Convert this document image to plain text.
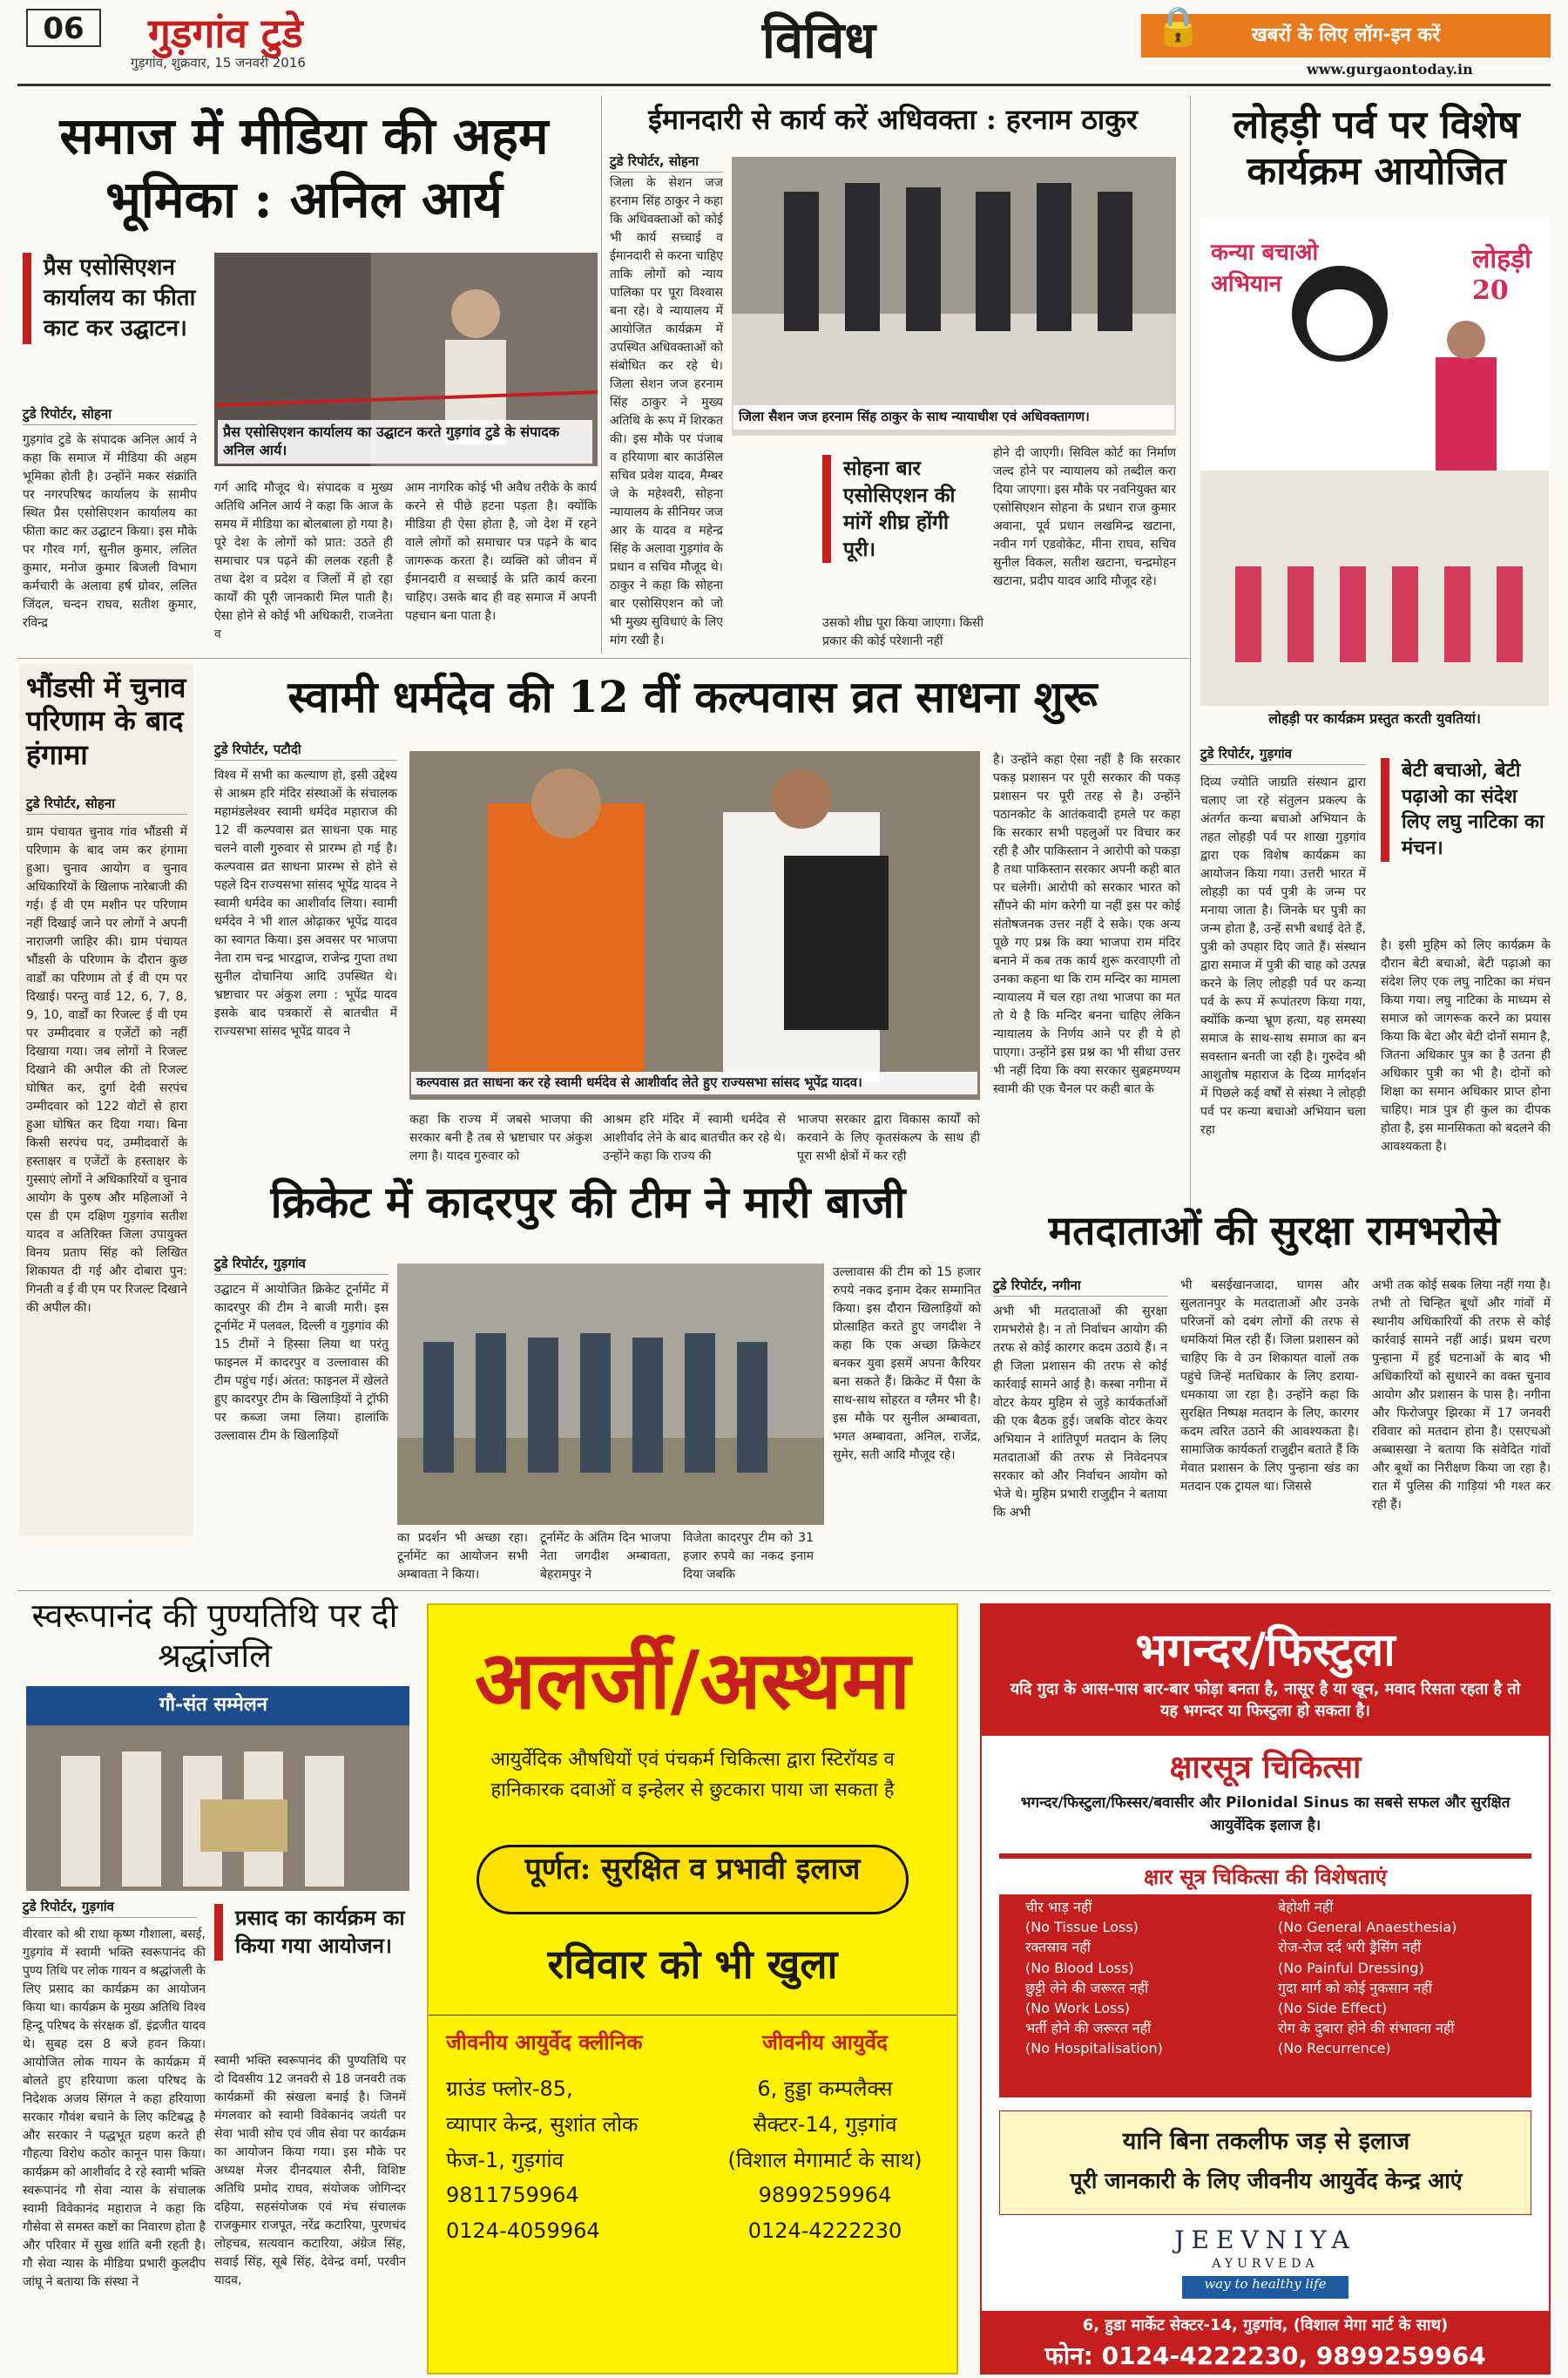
06	गुड़गांव टुडे
गुड़गांव, शुक्रवार, 15 जनवरी 2016	विविध	खबरों के लिए लॉग-इन करें
🔒
www.gurgaontoday.in
समाज में मीडिया की अहम भूमिका : अनिल आर्य
प्रैस एसोसिएशन कार्यालय का फीता काट कर उद्घाटन।
प्रैस एसोसिएशन कार्यालय का उद्घाटन करते गुड़गांव टुडे के संपादक अनिल आर्य।
टुडे रिपोर्टर, सोहना
गुड़गांव टुडे के संपादक अनिल आर्य ने कहा कि समाज में मीडिया की अहम भूमिका होती है। उन्होंने मकर संक्रांति पर नगरपरिषद कार्यालय के सामीप स्थित प्रैस एसोसिएशन कार्यालय का फीता काट कर उद्घाटन किया। इस मौके पर गौरव गर्ग, सुनील कुमार, ललित कुमार, मनोज कुमार बिजली विभाग कर्मचारी के अलावा हर्ष ग्रोवर, ललित जिंदल, चन्दन राघव, सतीश कुमार, रविन्द्र
गर्ग आदि मौजूद थे। संपादक व मुख्य अतिथि अनिल आर्य ने कहा कि आज के समय में मीडिया का बोलबाला हो गया है। पूरे देश के लोगों को प्रात: उठते ही समाचार पत्र पढ़ने की ललक रहती है तथा देश व प्रदेश व जिलों में हो रहा कार्यों की पूरी जानकारी मिल पाती है। ऐसा होने से कोई भी अधिकारी, राजनेता व
आम नागरिक कोई भी अवैध तरीके के कार्य करने से पीछे हटना पड़ता है। क्योंकि मीडिया ही ऐसा होता है, जो देश में रहने वाले लोगों को समाचार पत्र पढ़ने के बाद जागरूक करता है। व्यक्ति को जीवन में ईमानदारी व सच्चाई के प्रति कार्य करना चाहिए। उसके बाद ही वह समाज में अपनी पहचान बना पाता है।
ईमानदारी से कार्य करें अधिवक्ता : हरनाम ठाकुर
टुडे रिपोर्टर, सोहना
जिला सैशन जज हरनाम सिंह ठाकुर के साथ न्यायाधीश एवं अधिवक्तागण।
जिला के सेशन जज हरनाम सिंह ठाकुर ने कहा कि अधिवक्ताओं को कोई भी कार्य सच्चाई व ईमानदारी से करना चाहिए ताकि लोगों को न्याय पालिका पर पूरा विश्वास बना रहे। वे न्यायालय में आयोजित कार्यक्रम में उपस्थित अधिवक्ताओं को संबोधित कर रहे थे। जिला सेशन जज हरनाम सिंह ठाकुर ने मुख्य अतिथि के रूप में शिरकत की। इस मौके पर पंजाब व हरियाणा बार काउंसिल सचिव प्रवेश यादव, मैम्बर जे के महेश्वरी, सोहना न्यायालय के सीनियर जज आर के यादव व महेन्द्र सिंह के अलावा गुड़गांव के प्रधान व सचिव मौजूद थे। ठाकुर ने कहा कि सोहना बार एसोसिएशन को जो भी मुख्य सुविधाएं के लिए मांग रखी है।
सोहना बार एसोसिएशन की मांगें शीघ्र होंगी पूरी।
उसको शीघ्र पूरा किया जाएगा। किसी प्रकार की कोई परेशानी नहीं
होने दी जाएगी। सिविल कोर्ट का निर्माण जल्द होने पर न्यायालय को तब्दील करा दिया जाएगा। इस मौके पर नवनियुक्त बार एसोसिएशन सोहना के प्रधान राज कुमार अवाना, पूर्व प्रधान लखमिन्द्र खटाना, नवीन गर्ग एडवोकेट, मीना राघव, सचिव सुनील विकल, सतीश खटाना, चन्द्रमोहन खटाना, प्रदीप यादव आदि मौजूद रहे।
लोहड़ी पर्व पर विशेष कार्यक्रम आयोजित
कन्या बचाओ अभियान
लोहड़ी 20
लोहड़ी पर कार्यक्रम प्रस्तुत करती युवतियां।
टुडे रिपोर्टर, गुड़गांव
दिव्य ज्योति जाग्रति संस्थान द्वारा चलाए जा रहे संतुलन प्रकल्प के अंतर्गत कन्या बचाओ अभियान के तहत लोहड़ी पर्व पर शाखा गुड़गांव द्वारा एक विशेष कार्यक्रम का आयोजन किया गया। उत्तरी भारत में लोहड़ी का पर्व पुत्री के जन्म पर मनाया जाता है। जिनके घर पुत्री का जन्म होता है, उन्हें सभी बधाई देते हैं, पुत्री को उपहार दिए जाते हैं। संस्थान द्वारा समाज में पुत्री की चाह को उत्पन्न करने के लिए लोहड़ी पर्व पर कन्या पर्व के रूप में रूपांतरण किया गया, क्योंकि कन्या भ्रूण हत्या, यह समस्या समाज के साथ-साथ समाज का बन सवस्तान बनती जा रही है। गुरुदेव श्री आशुतोष महाराज के दिव्य मार्गदर्शन में पिछले कई वर्षों से संस्था ने लोहड़ी पर्व पर कन्या बचाओ अभियान चला रहा
बेटी बचाओ, बेटी पढ़ाओ का संदेश लिए लघु नाटिका का मंचन।
है। इसी मुहिम को लिए कार्यक्रम के दौरान बेटी बचाओ, बेटी पढ़ाओ का संदेश लिए एक लघु नाटिका का मंचन किया गया। लघु नाटिका के माध्यम से समाज को जागरूक करने का प्रयास किया कि बेटा और बेटी दोनों समान है, जितना अधिकार पुत्र का है उतना ही अधिकार पुत्री का भी है। दोनों को शिक्षा का समान अधिकार प्राप्त होना चाहिए। मात्र पुत्र ही कुल का दीपक होता है, इस मानसिकता को बदलने की आवश्यकता है।
भौंडसी में चुनाव परिणाम के बाद हंगामा
टुडे रिपोर्टर, सोहना
ग्राम पंचायत चुनाव गांव भौंडसी में परिणाम के बाद जम कर हंगामा हुआ। चुनाव आयोग व चुनाव अधिकारियों के खिलाफ नारेबाजी की गई। ई वी एम मशीन पर परिणाम नहीं दिखाई जाने पर लोगों ने अपनी नाराजगी जाहिर की। ग्राम पंचायत भौंडसी के परिणाम के दौरान कुछ वार्डों का परिणाम तो ई वी एम पर दिखाई। परन्तु वार्ड 12, 6, 7, 8, 9, 10, वार्डों का रिजल्ट ई वी एम पर उम्मीदवार व एजेंटों को नहीं दिखाया गया। जब लोगों ने रिजल्ट दिखाने की अपील की तो रिजल्ट घोषित कर, दुर्गा देवी सरपंच उम्मीदवार को 122 वोटों से हारा हुआ घोषित कर दिया गया। बिना किसी सरपंच पद, उम्मीदवारों के हस्ताक्षर व एजेंटों के हस्ताक्षर के गुस्साएं लोगों ने अधिकारियों व चुनाव आयोग के पुरुष और महिलाओं ने एस डी एम दक्षिण गुड़गांव सतीश यादव व अतिरिक्त जिला उपायुक्त विनय प्रताप सिंह को लिखित शिकायत दी गई और दोबारा पुन: गिनती व ई वी एम पर रिजल्ट दिखाने की अपील की।
स्वामी धर्मदेव की 12 वीं कल्पवास व्रत साधना शुरू
टुडे रिपोर्टर, पटौदी
विश्व में सभी का कल्याण हो, इसी उद्देश्य से आश्रम हरि मंदिर संस्थाओं के संचालक महामंडलेश्वर स्वामी धर्मदेव महाराज की 12 वीं कल्पवास व्रत साधना एक माह चलने वाली गुरुवार से प्रारम्भ हो गई है। कल्पवास व्रत साधना प्रारम्भ से होने से पहले दिन राज्यसभा सांसद भूपेंद्र यादव ने स्वामी धर्मदेव का आशीर्वाद लिया। स्वामी धर्मदेव ने भी शाल ओढ़ाकर भूपेंद्र यादव का स्वागत किया। इस अवसर पर भाजपा नेता राम चन्द्र भारद्वाज, राजेन्द्र गुप्ता तथा सुनील दोचानिया आदि उपस्थित थे। भ्रष्टाचार पर अंकुश लगा : भूपेंद्र यादव इसके बाद पत्रकारों से बातचीत में राज्यसभा सांसद भूपेंद्र यादव ने
कल्पवास व्रत साधना कर रहे स्वामी धर्मदेव से आशीर्वाद लेते हुए राज्यसभा सांसद भूपेंद्र यादव।
कहा कि राज्य में जबसे भाजपा की सरकार बनी है तब से भ्रष्टाचार पर अंकुश लगा है। यादव गुरुवार को
आश्रम हरि मंदिर में स्वामी धर्मदेव से आशीर्वाद लेने के बाद बातचीत कर रहे थे। उन्होंने कहा कि राज्य की
भाजपा सरकार द्वारा विकास कार्यों को करवाने के लिए कृतसंकल्प के साथ ही पूरा सभी क्षेत्रों में कर रही
है। उन्होंने कहा ऐसा नहीं है कि सरकार पकड़ प्रशासन पर पूरी सरकार की पकड़ प्रशासन पर पूरी तरह से है। उन्होंने पठानकोट के आतंकवादी हमले पर कहा कि सरकार सभी पहलुओं पर विचार कर रही है और पाकिस्तान ने आरोपी को पकड़ा है तथा पाकिस्तान सरकार अपनी कही बात पर चलेगी। आरोपी को सरकार भारत को सौंपने की मांग करेगी या नहीं इस पर कोई संतोषजनक उत्तर नहीं दे सके। एक अन्य पूछे गए प्रश्न कि क्या भाजपा राम मंदिर बनाने में कब तक कार्य शुरू करवाएगी तो उनका कहना था कि राम मन्दिर का मामला न्यायालय में चल रहा तथा भाजपा का मत तो ये है कि मन्दिर बनना चाहिए लेकिन न्यायालय के निर्णय आने पर ही ये हो पाएगा। उन्होंने इस प्रश्न का भी सीधा उत्तर भी नहीं दिया कि क्या सरकार सुब्रहमण्यम स्वामी की एक चैनल पर कही बात के
क्रिकेट में कादरपुर की टीम ने मारी बाजी
टुडे रिपोर्टर, गुड़गांव
उद्घाटन में आयोजित क्रिकेट टूर्नामेंट में कादरपुर की टीम ने बाजी मारी। इस टूर्नामेंट में पलवल, दिल्ली व गुड़गांव की 15 टीमों ने हिस्सा लिया था परंतु फाइनल में कादरपुर व उल्लावास की टीम पहुंच गई। अंतत: फाइनल में खेलते हुए कादरपुर टीम के खिलाड़ियों ने ट्रॉफी पर कब्जा जमा लिया। हालांकि उल्लावास टीम के खिलाड़ियों
का प्रदर्शन भी अच्छा रहा। टूर्नामेंट का आयोजन सभी अम्बावता ने किया।
टूर्नामेंट के अंतिम दिन भाजपा नेता जगदीश अम्बावता, बेहरामपुर ने
विजेता कादरपुर टीम को 31 हजार रुपये का नकद इनाम दिया जबकि
उल्लावास की टीम को 15 हजार रुपये नकद इनाम देकर सम्मानित किया। इस दौरान खिलाड़ियों को प्रोत्साहित करते हुए जगदीश ने कहा कि एक अच्छा क्रिकेटर बनकर युवा इसमें अपना कैरियर बना सकते हैं। क्रिकेट में पैसा के साथ-साथ सोहरत व ग्लैमर भी है। इस मौके पर सुनील अम्बावता, भगत अम्बावता, अनिल, राजेंद्र, सुमेर, सती आदि मौजूद रहे।
मतदाताओं की सुरक्षा रामभरोसे
टुडे रिपोर्टर, नगीना
अभी भी मतदाताओं की सुरक्षा रामभरोसे है। न तो निर्वाचन आयोग की तरफ से कोई कारगर कदम उठाये हैं। न ही जिला प्रशासन की तरफ से कोई कार्रवाई सामने आई है। कस्बा नगीना में वोटर केयर मुहिम से जुड़े कार्यकर्ताओं की एक बैठक हुई। जबकि वोटर केयर अभियान ने शांतिपूर्ण मतदान के लिए मतदाताओं की तरफ से निवेदनपत्र सरकार को और निर्वाचन आयोग को भेजे थे। मुहिम प्रभारी राजुद्दीन ने बताया कि अभी
भी बसईखानजादा, घागस और सुलतानपुर के मतदाताओं और उनके परिजनों को दबंग लोगों की तरफ से धमकियां मिल रही हैं। जिला प्रशासन को चाहिए कि वे उन शिकायत वालों तक पहुंचे जिन्हें मतधिकार के लिए डराया-धमकाया जा रहा है। उन्होंने कहा कि सुरक्षित निष्पक्ष मतदान के लिए, कारगर कदम त्वरित उठाने की आवश्यकता है। सामाजिक कार्यकर्ता राजुद्दीन बताते हैं कि मेवात प्रशासन के लिए पुन्हाना खंड का मतदान एक ट्रायल था। जिससे
अभी तक कोई सबक लिया नहीं गया है। तभी तो चिन्हित बूथों और गांवों में स्थानीय अधिकारियों की तरफ से कोई कार्रवाई सामने नहीं आई। प्रथम चरण पुन्हाना में हुई घटनाओं के बाद भी अधिकारियों को सुधारने का वक्त चुनाव आयोग और प्रशासन के पास है। नगीना और फिरोजपुर झिरका में 17 जनवरी रविवार को मतदान होना है। एसएचओ अब्बासखा ने बताया कि संवेदित गांवों और बूथों का निरीक्षण किया जा रहा है। रात में पुलिस की गाड़ियां भी गश्त कर रही हैं।
स्वरूपानंद की पुण्यतिथि पर दी श्रद्धांजलि
गौ-संत सम्मेलन
टुडे रिपोर्टर, गुड़गांव
वीरवार को श्री राधा कृष्ण गौशाला, बसई, गुड़गांव में स्वामी भक्ति स्वरूपानंद की पुण्य तिथि पर लोक गायन व श्रद्धांजली के लिए प्रसाद का कार्यक्रम का आयोजन किया था। कार्यक्रम के मुख्य अतिथि विश्व हिन्दू परिषद के संरक्षक डॉ. इंद्रजीत यादव थे। सुबह दस 8 बजे हवन किया। आयोजित लोक गायन के कार्यक्रम में बोलते हुए हरियाणा कला परिषद के निदेशक अजय सिंगल ने कहा हरियाणा सरकार गौवंश बचाने के लिए कटिबद्ध है और सरकार ने पद्धभूत ग्रहण करते ही गौहत्या विरोध कठोर कानून पास किया। कार्यक्रम को आशीर्वाद दे रहे स्वामी भक्ति स्वरूपानंद गौ सेवा न्यास के संचालक स्वामी विवेकानंद महाराज ने कहा कि गौसेवा से समस्त कष्टों का निवारण होता है और परिवार में सुख शांति बनी रहती है। गौ सेवा न्यास के मीडिया प्रभारी कुलदीप जांघू ने बताया कि संस्था ने
प्रसाद का कार्यक्रम का किया गया आयोजन।
स्वामी भक्ति स्वरूपानंद की पुण्यतिथि पर दो दिवसीय 12 जनवरी से 18 जनवरी तक कार्यक्रमों की स्रंखला बनाई है। जिनमें मंगलवार को स्वामी विवेकानंद जयंती पर सेवा भावी सोच एवं जीव सेवा पर कार्यक्रम का आयोजन किया गया। इस मौके पर अध्यक्ष मेजर दीनदयाल सैनी, विशिष्ट अतिथि प्रमोद राघव, संयोजक जोगिन्दर दहिया, सहसंयोजक एवं मंच संचालक राजकुमार राजपूत, नरेंद्र कटारिया, पुरणचंद लोहचब, सत्यवान कटारिया, अंग्रेज सिंह, सवाई सिंह, सूबे सिंह, देवेन्द्र वर्मा, परवीन यादव,
अलर्जी/अस्थमा
आयुर्वेदिक औषधियों एवं पंचकर्म चिकित्सा द्वारा स्टिरॉयड व हानिकारक दवाओं व इन्हेलर से छुटकारा पाया जा सकता है
पूर्णत: सुरक्षित व प्रभावी इलाज
रविवार को भी खुला
जीवनीय आयुर्वेद क्लीनिक
ग्राउंड फ्लोर-85,
व्यापार केन्द्र, सुशांत लोक
फेज-1, गुड़गांव
9811759964
0124-4059964
जीवनीय आयुर्वेद
6, हुड्डा कम्पलैक्स
सैक्टर-14, गुड़गांव
(विशाल मेगामार्ट के साथ)
9899259964
0124-4222230
भगन्दर/फिस्टुला
यदि गुदा के आस-पास बार-बार फोड़ा बनता है, नासूर है या खून, मवाद रिसता रहता है तो यह भगन्दर या फिस्टुला हो सकता है।
क्षारसूत्र चिकित्सा
भगन्दर/फिस्टुला/फिस्सर/बवासीर और Pilonidal Sinus का सबसे सफल और सुरक्षित आयुर्वेदिक इलाज है।
क्षार सूत्र चिकित्सा की विशेषताएं
चीर भाड़ नहीं
(No Tissue Loss)
रक्तस्राव नहीं
(No Blood Loss)
छुट्टी लेने की जरूरत नहीं
(No Work Loss)
भर्ती होने की जरूरत नहीं
(No Hospitalisation)
बेहोशी नहीं
(No General Anaesthesia)
रोज-रोज दर्द भरी ड्रैसिंग नहीं
(No Painful Dressing)
गुदा मार्ग को कोई नुकसान नहीं
(No Side Effect)
रोग के दुबारा होने की संभावना नहीं
(No Recurrence)
यानि बिना तकलीफ जड़ से इलाज
पूरी जानकारी के लिए जीवनीय आयुर्वेद केन्द्र आएं
JEEVNIYA
AYURVEDA
way to healthy life
6, हुडा मार्केट सेक्टर-14, गुड़गांव, (विशाल मेगा मार्ट के साथ)
फोन: 0124-4222230, 9899259964
